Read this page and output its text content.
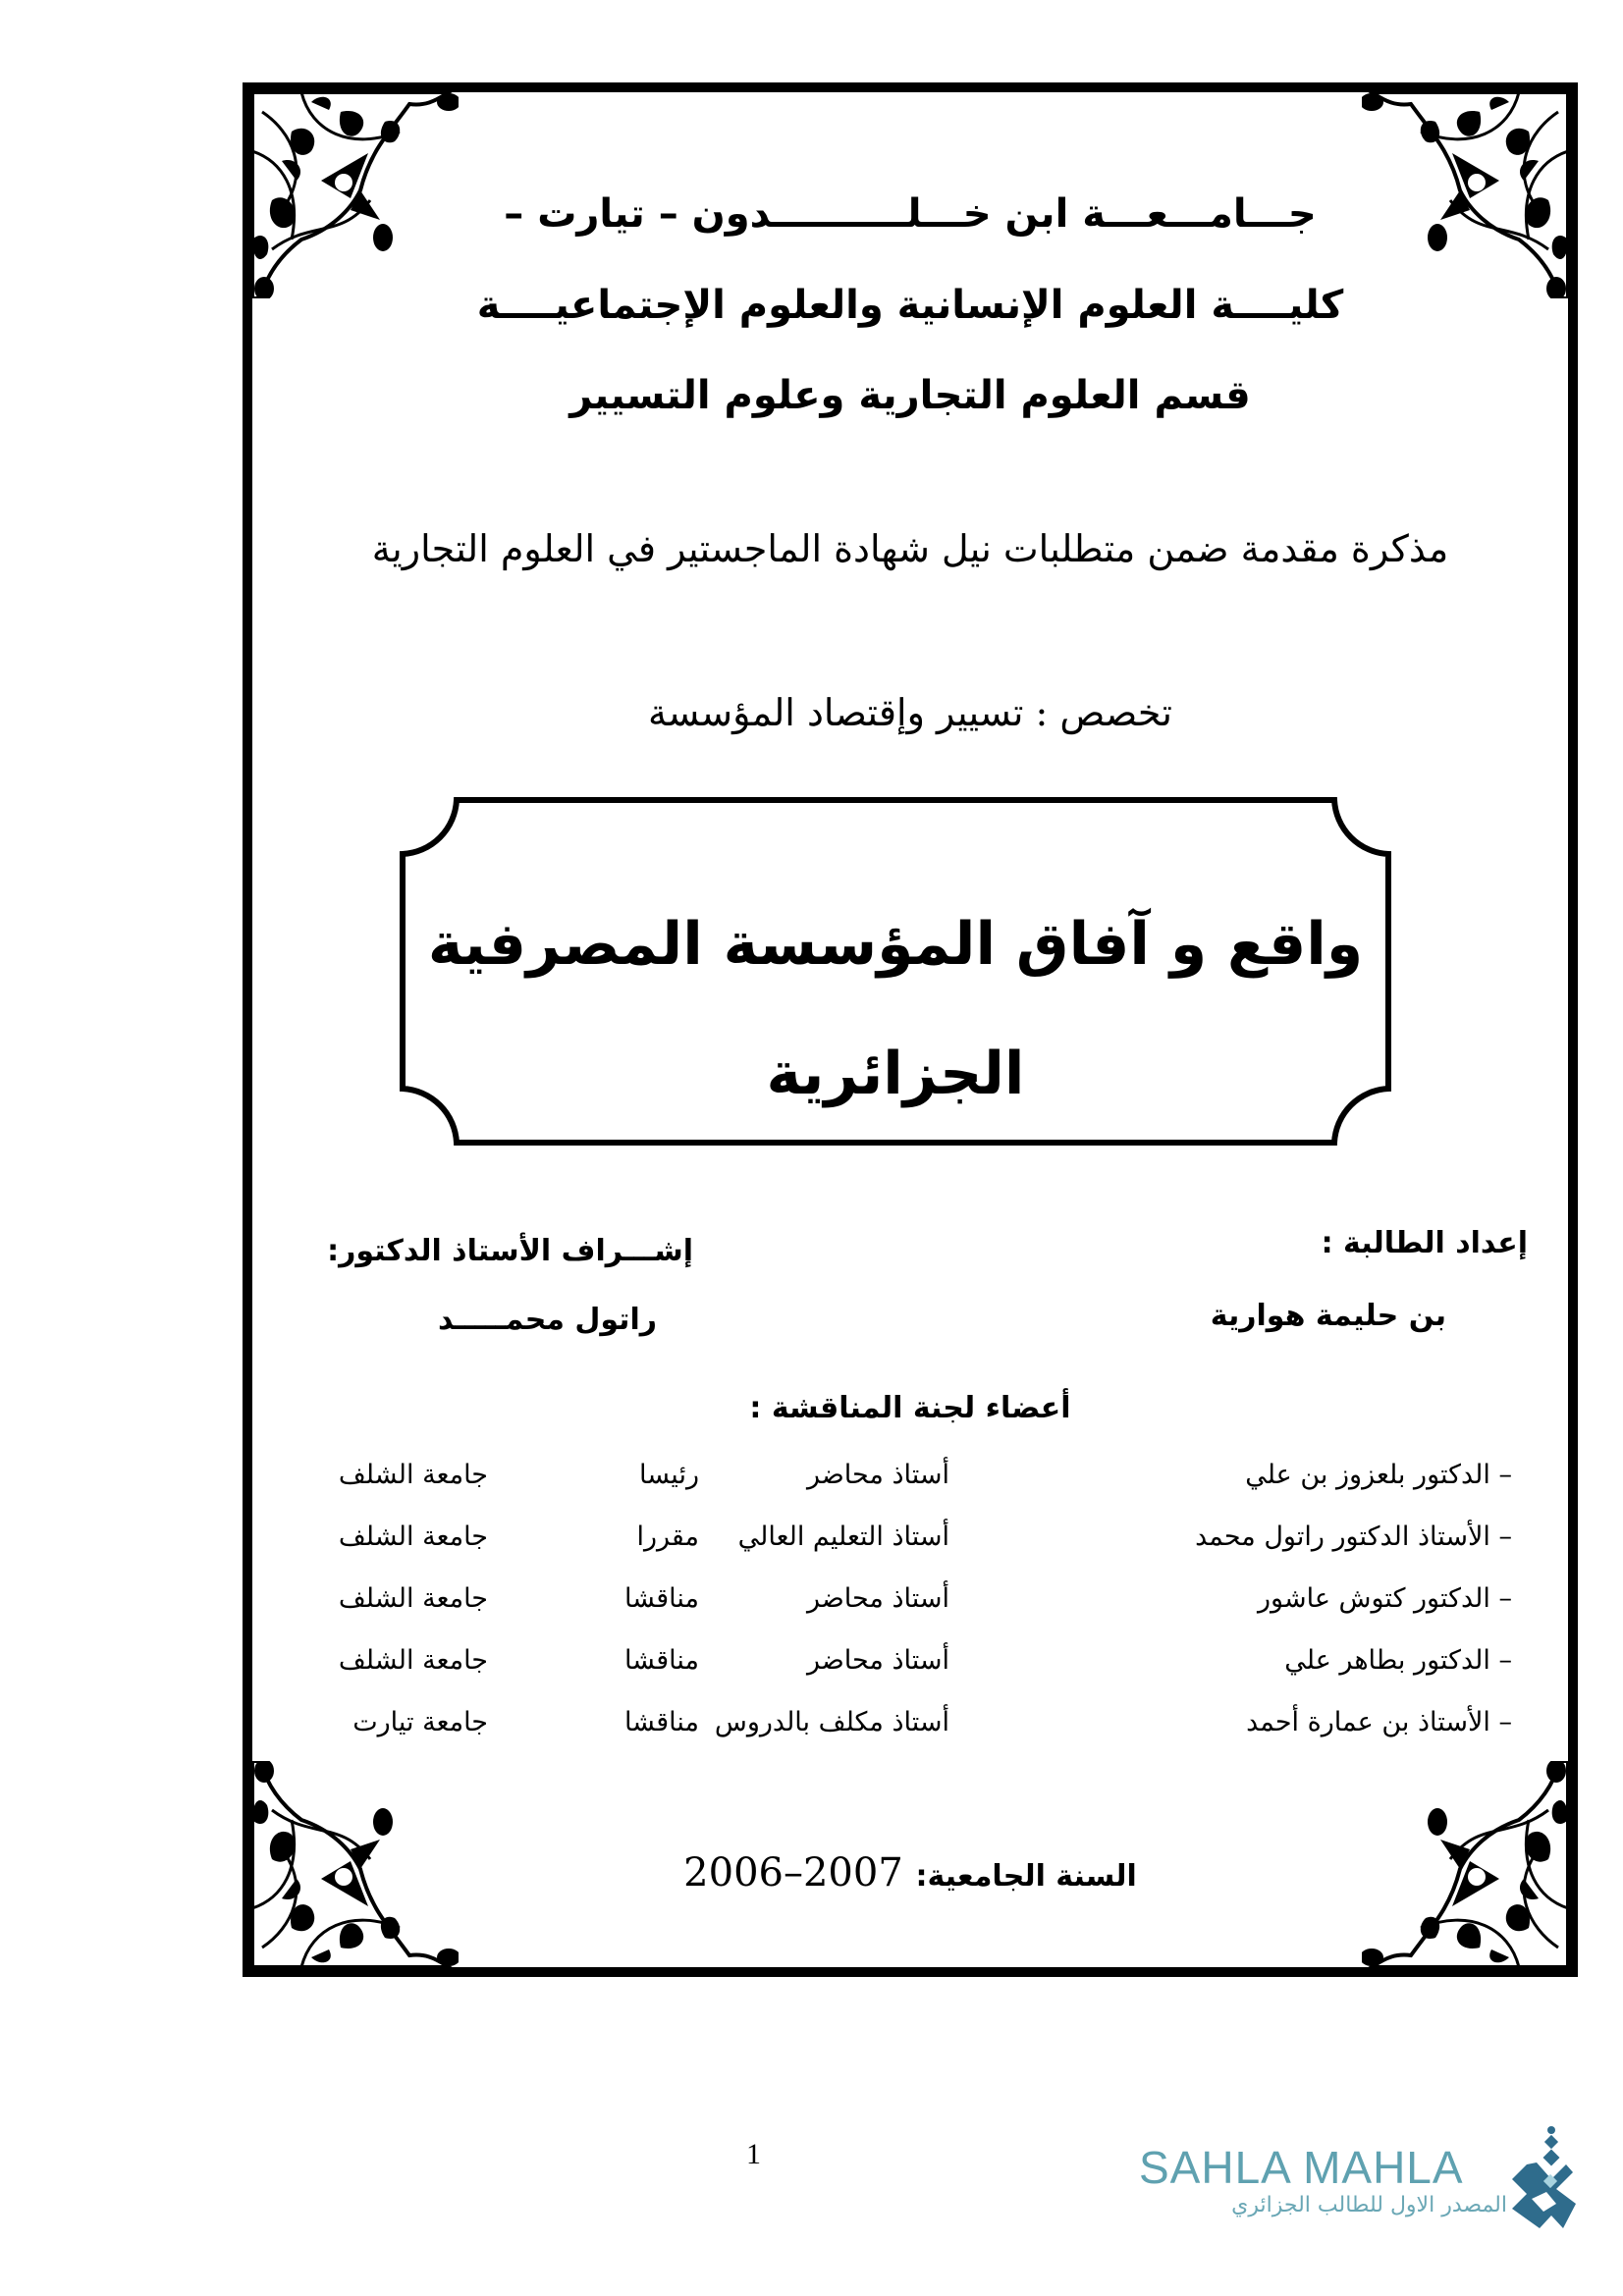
جـــامـــعـــة ابن خـــلــــــــــدون – تيارت –
كليــــة العلوم الإنسانية والعلوم الإجتماعيــــة
قسم العلوم التجارية وعلوم التسيير
مذكرة مقدمة ضمن متطلبات نيل شهادة الماجستير في العلوم التجارية
تخصص : تسيير وإقتصاد المؤسسة
واقع و آفاق المؤسسة المصرفية
الجزائرية
إعداد الطالبة :
بن حليمة هوارية
إشـــراف الأستاذ الدكتور:
راتول محمـــــد
أعضاء لجنة المناقشة :
– الدكتور بلعزوز بن علي
أستاذ محاضر
رئيسا
جامعة الشلف
– الأستاذ الدكتور راتول محمد
أستاذ التعليم العالي
مقررا
جامعة الشلف
– الدكتور كتوش عاشور
أستاذ محاضر
مناقشا
جامعة الشلف
– الدكتور بطاهر علي
أستاذ محاضر
مناقشا
جامعة الشلف
– الأستاذ بن عمارة أحمد
أستاذ مكلف بالدروس
مناقشا
جامعة تيارت
السنة الجامعية: 2006–2007
1	SAHLA MAHLA
المصدر الاول للطالب الجزائري
